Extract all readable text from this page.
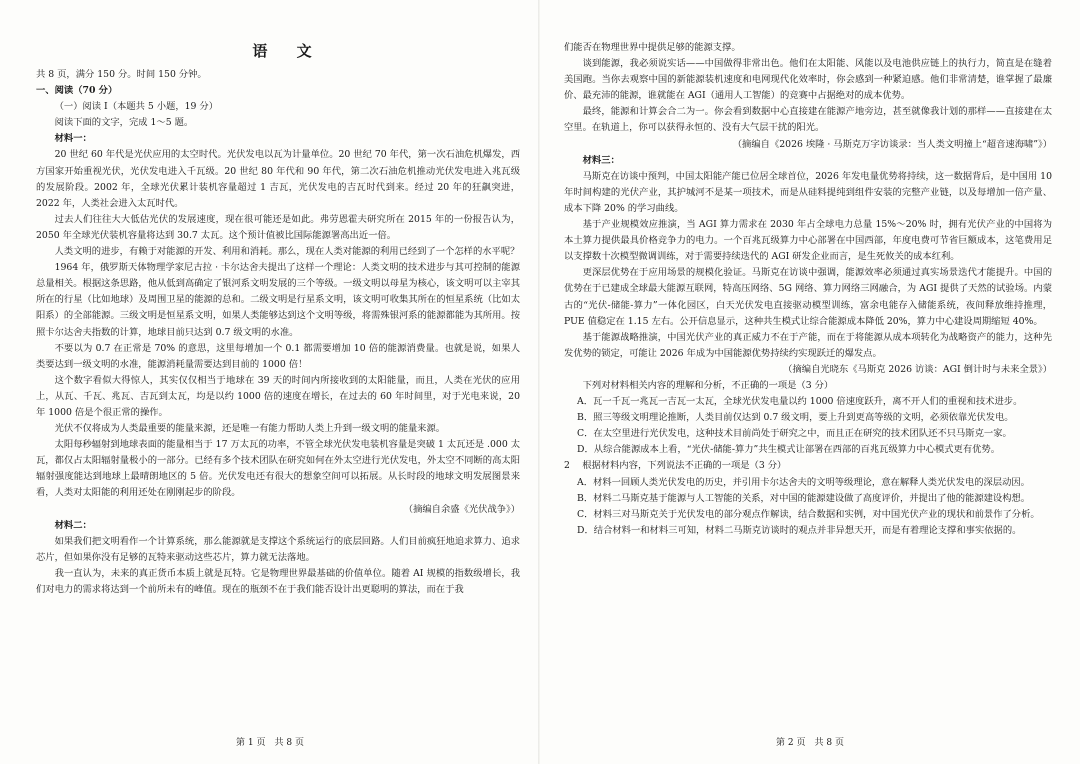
语 文

共 8 页，满分 150 分。时间 150 分钟。

一、阅读（70 分）

（一）阅读 I（本题共 5 小题，19 分）

阅读下面的文字，完成 1～5 题。

材料一：

20 世纪 60 年代是光伏应用的太空时代。光伏发电以瓦为计量单位。20 世纪 70 年代，第一次石油危机爆发，西方国家开始重视光伏，光伏发电进入千瓦级。20 世纪 80 年代和 90 年代，第二次石油危机推动光伏发电进入兆瓦级的发展阶段。2002 年，全球光伏累计装机容量超过 1 吉瓦，光伏发电的吉瓦时代到来。经过 20 年的狂飙突进，2022 年，人类社会进入太瓦时代。

过去人们往往大大低估光伏的发展速度，现在很可能还是如此。弗劳恩霍夫研究所在 2015 年的一份报告认为，2050 年全球光伏装机容量将达到 30.7 太瓦。这个预计值被比国际能源署高出近一倍。

人类文明的进步，有赖于对能源的开发、利用和消耗。那么，现在人类对能源的利用已经到了一个怎样的水平呢？

1964 年，俄罗斯天体物理学家尼古拉 · 卡尔达舍夫提出了这样一个理论：人类文明的技术进步与其可控制的能源总量相关。根据这条思路，他从低到高确定了银河系文明发展的三个等级。一级文明以母星为核心，该文明可以主宰其所在的行星（比如地球）及周围卫星的能源的总和。二级文明是行星系文明，该文明可收集其所在的恒星系统（比如太阳系）的全部能源。三级文明是恒星系文明，如果人类能够达到这个文明等级，将需殊银河系的能源都能为其所用。按照卡尔达舍夫指数的计算，地球目前只达到 0.7 级文明的水准。

不要以为 0.7 在正常是 70% 的意思，这里每增加一个 0.1 都需要增加 10 倍的能源消费量。也就是说，如果人类要达到一级文明的水准，能源消耗量需要达到目前的 1000 倍！

这个数字看似大得惊人，其实仅仅相当于地球在 39 天的时间内所接收到的太阳能量，而且，人类在光伏的应用上，从瓦、千瓦、兆瓦、吉瓦到太瓦，均是以约 1000 倍的速度在增长，在过去的 60 年时间里，对于光电来说，20 年 1000 倍是个很正常的操作。

光伏不仅将成为人类最重要的能量来源，还是唯一有能力帮助人类上升到一级文明的能量来源。

太阳每秒辐射到地球表面的能量相当于 17 万太瓦的功率，不管全球光伏发电装机容量是突破 1 太瓦还是 .000 太瓦，都仅占太阳辐射量极小的一部分。已经有多个技术团队在研究如何在外太空进行光伏发电，外太空不同断的高太阳辐射强度能达到地球上最晴朗地区的 5 倍。光伏发电还有很大的想象空间可以拓展。从长时段的地球文明发展图景来看，人类对太阳能的利用还处在刚刚起步的阶段。

（摘编自余盛《光伏战争》）

材料二：

如果我们把文明看作一个计算系统，那么能源就是支撑这个系统运行的底层回路。人们目前疯狂地追求算力、追求芯片，但如果你没有足够的瓦特来驱动这些芯片，算力就无法落地。

我一直认为，未来的真正货币本质上就是瓦特。它是物理世界最基础的价值单位。随着 AI 规模的指数级增长，我们对电力的需求将达到一个前所未有的峰值。现在的瓶颈不在于我们能否设计出更聪明的算法，而在于我

第 1 页　共 8 页

们能否在物理世界中提供足够的能源支撑。

谈到能源，我必须说实话——中国做得非常出色。他们在太阳能、风能以及电池供应链上的执行力，简直是在缝着美国跑。当你去观察中国的新能源装机速度和电网现代化效率时，你会感到一种紧迫感。他们非常清楚，谁掌握了最廉价、最充沛的能源，谁就能在 AGI（通用人工智能）的竞赛中占据绝对的成本优势。

最终，能源和计算会合二为一。你会看到数据中心直接建在能源产地旁边，甚至就像我计划的那样——直接建在太空里。在轨道上，你可以获得永恒的、没有大气层干扰的阳光。

（摘编自《2026 埃隆 · 马斯克万字访谈录：当人类文明撞上“超音速海啸”》）

材料三：

马斯克在访谈中预判，中国太阳能产能已位居全球首位，2026 年发电量优势将持续，这一数据背后，是中国用 10 年时间构建的光伏产业，其护城河不是某一项技术，而是从硅料提纯到组件安装的完整产业链，以及每增加一倍产量、成本下降 20% 的学习曲线。

基于产业规模效应推演，当 AGI 算力需求在 2030 年占全球电力总量 15%～20% 时，拥有光伏产业的中国将为本土算力提供最具价格竞争力的电力。一个百兆瓦级算力中心部署在中国西部，年度电费可节省巨额成本，这笔费用足以支撑数十次模型微调训练，对于需要持续迭代的 AGI 研发企业而言，是生死攸关的成本红利。

更深层优势在于应用场景的规模化验证。马斯克在访谈中强调，能源效率必须通过真实场景迭代才能提升。中国的优势在于已建成全球最大能源互联网，特高压网络、5G 网络、算力网络三网融合，为 AGI 提供了天然的试验场。内蒙古的“光伏-储能-算力”一体化园区，白天光伏发电直接驱动模型训练，富余电能存入储能系统，夜间释放维持推理，PUE 值稳定在 1.15 左右。公开信息显示，这种共生模式让综合能源成本降低 20%，算力中心建设周期缩短 40%。

基于能源战略推演，中国光伏产业的真正威力不在于产能，而在于将能源从成本项转化为战略资产的能力，这种先发优势的锁定，可能让 2026 年成为中国能源优势持续约实现跃迁的爆发点。

（摘编自光晓东《马斯克 2026 访谈：AGI 倒计时与未来全景》）

下列对材料相关内容的理解和分析，不正确的一项是（3 分）

A．瓦一千瓦一兆瓦一吉瓦一太瓦，全球光伏发电量以约 1000 倍速度跃升，离不开人们的重视和技术进步。

B．照三等级文明理论推断，人类目前仅达到 0.7 级文明，要上升到更高等级的文明，必须依靠光伏发电。

C．在太空里进行光伏发电，这种技术目前尚处于研究之中，而且正在研究的技术团队还不只马斯克一家。

D．从综合能源成本上看，“光伏-储能-算力”共生模式让部署在西部的百兆瓦级算力中心模式更有优势。

2　 根据材料内容，下列说法不正确的一项是（3 分）

A．材料一回顾人类光伏发电的历史，并引用卡尔达舍夫的文明等级理论，意在解释人类光伏发电的深层动因。

B．材料二马斯克基于能源与人工智能的关系，对中国的能源建设做了高度评价，并提出了他的能源建设构想。

C．材料三对马斯克关于光伏发电的部分观点作解读，结合数据和实例，对中国光伏产业的现状和前景作了分析。

D．结合材料一和材料三可知，材料二马斯克访谈时的观点并非异想天开，而是有着理论支撑和事实依据的。

第 2 页　共 8 页
